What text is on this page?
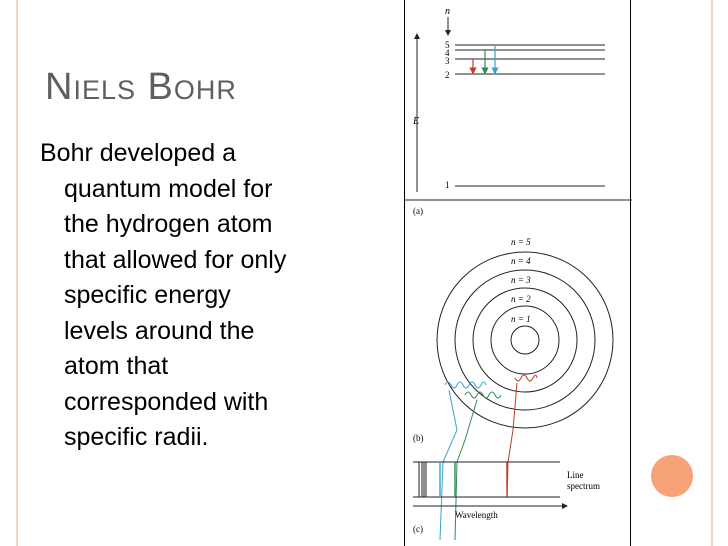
Niels Bohr
Bohr developed a
quantum model for
the hydrogen atom
that allowed for only
specific energy
levels around the
atom that
corresponded with
specific radii.
n
E
5
4
3
2
1
(a)
n = 5
n = 4
n = 3
n = 2
n = 1
(b)
Line
spectrum
Wavelength
(c)
